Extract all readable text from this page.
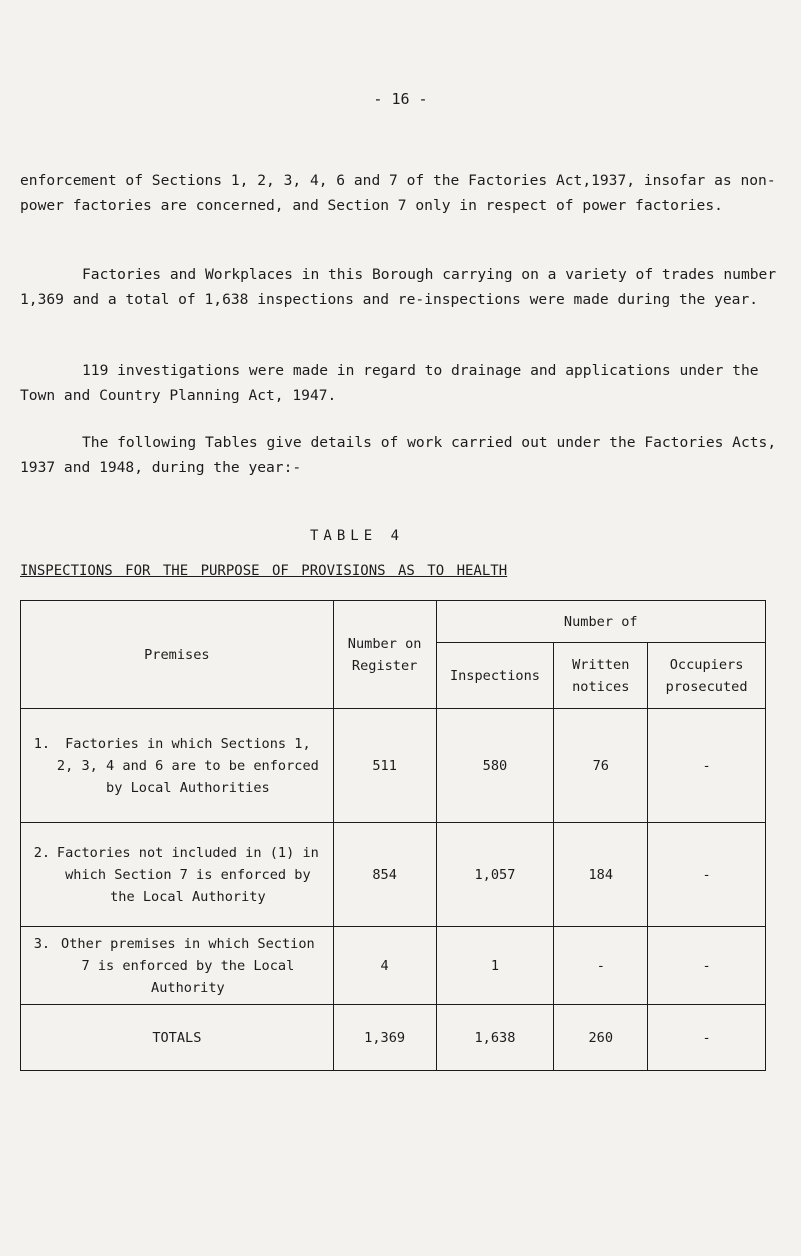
- 16 -

enforcement of Sections 1, 2, 3, 4, 6 and 7 of the Factories Act,1937, insofar as non-power factories are concerned, and Section 7 only in respect of power factories.

Factories and Workplaces in this Borough carrying on a variety of trades number 1,369 and a total of 1,638 inspections and re-inspections were made during the year.

119 investigations were made in regard to drainage and applications under the Town and Country Planning Act, 1947.

The following Tables give details of work carried out under the Factories Acts, 1937 and 1948, during the year:-

TABLE 4
INSPECTIONS FOR THE PURPOSE OF PROVISIONS AS TO HEALTH
Premises	Number on Register	Number of		
		Inspections	Written notices	Occupiers prosecuted
1. Factories in which Sections 1, 2, 3, 4 and 6 are to be enforced by Local Authorities	511	580	76	-
2. Factories not included in (1) in which Section 7 is enforced by the Local Authority	854	1,057	184	-
3. Other premises in which Section 7 is enforced by the Local Authority	4	1	-	-
TOTALS	1,369	1,638	260	-
